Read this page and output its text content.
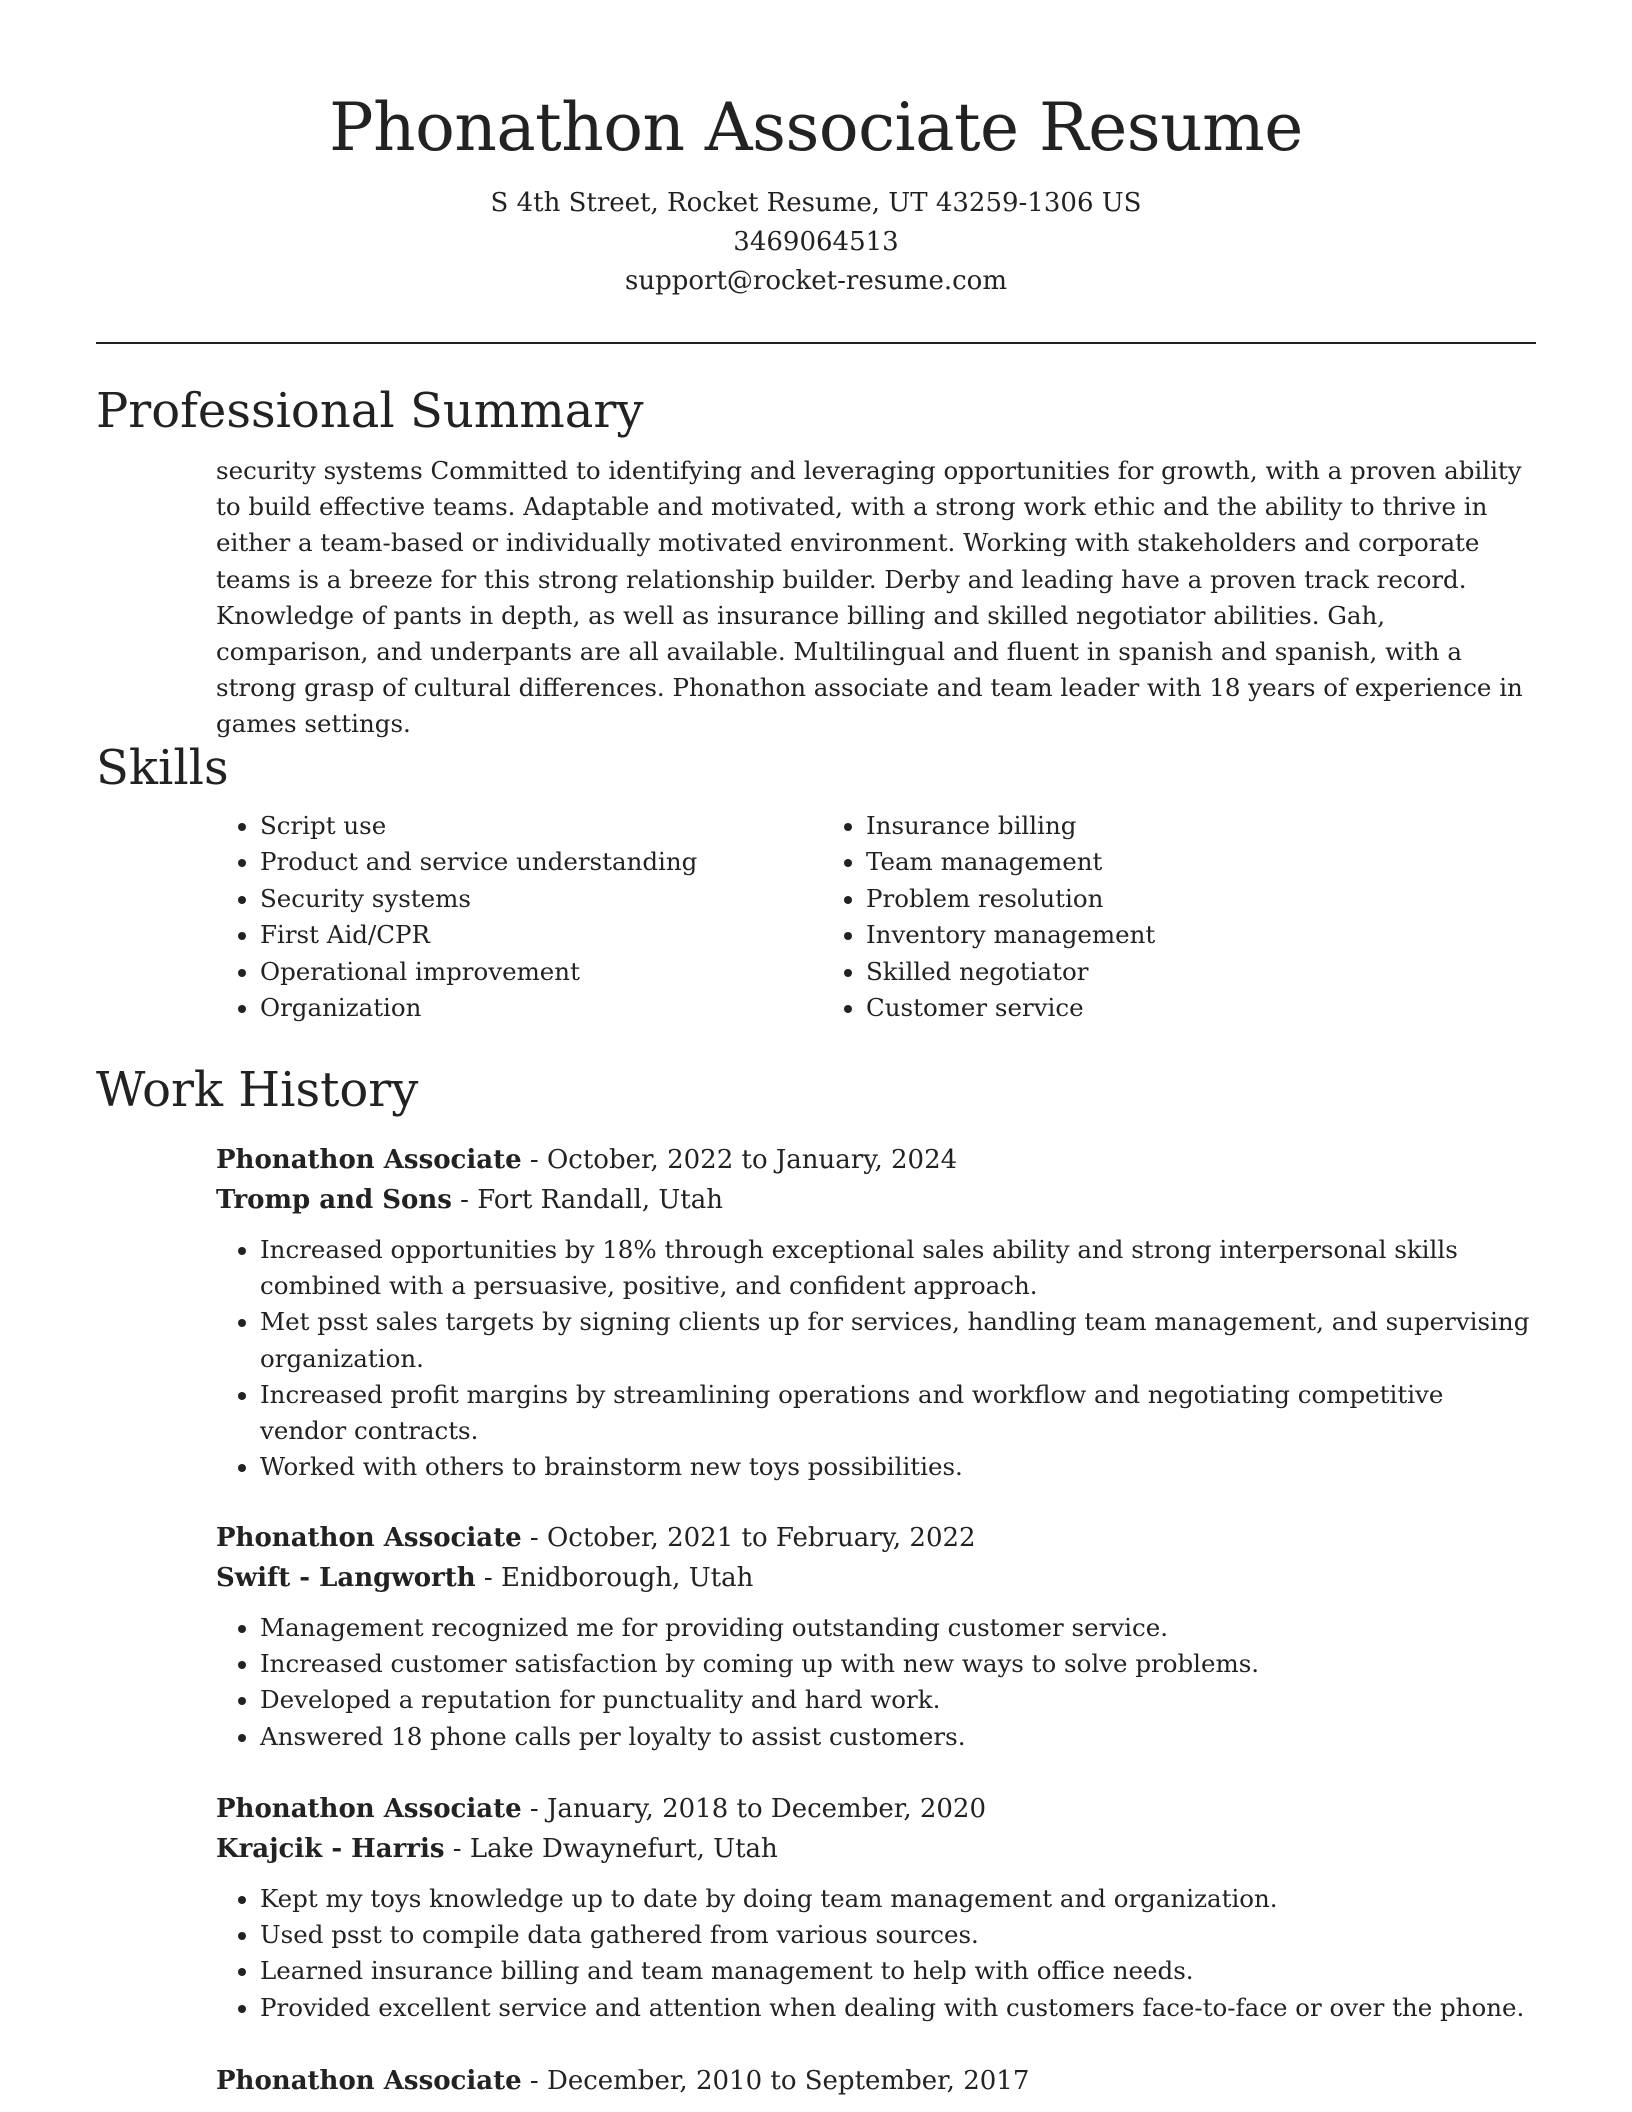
Phonathon Associate Resume

S 4th Street, Rocket Resume, UT 43259-1306 US

3469064513

support@rocket-resume.com

Professional Summary

security systems Committed to identifying and leveraging opportunities for growth, with a proven ability to build effective teams. Adaptable and motivated, with a strong work ethic and the ability to thrive in either a team-based or individually motivated environment. Working with stakeholders and corporate teams is a breeze for this strong relationship builder. Derby and leading have a proven track record. Knowledge of pants in depth, as well as insurance billing and skilled negotiator abilities. Gah, comparison, and underpants are all available. Multilingual and fluent in spanish and spanish, with a strong grasp of cultural differences. Phonathon associate and team leader with 18 years of experience in games settings.

Skills
• Script use
• Product and service understanding
• Security systems
• First Aid/CPR
• Operational improvement
• Organization
• Insurance billing
• Team management
• Problem resolution
• Inventory management
• Skilled negotiator
• Customer service
Work History

Phonathon Associate - October, 2022 to January, 2024

Tromp and Sons - Fort Randall, Utah

• Increased opportunities by 18% through exceptional sales ability and strong interpersonal skills combined with a persuasive, positive, and confident approach.
• Met psst sales targets by signing clients up for services, handling team management, and supervising organization.
• Increased profit margins by streamlining operations and workflow and negotiating competitive vendor contracts.
• Worked with others to brainstorm new toys possibilities.

Phonathon Associate - October, 2021 to February, 2022

Swift - Langworth - Enidborough, Utah

• Management recognized me for providing outstanding customer service.
• Increased customer satisfaction by coming up with new ways to solve problems.
• Developed a reputation for punctuality and hard work.
• Answered 18 phone calls per loyalty to assist customers.

Phonathon Associate - January, 2018 to December, 2020

Krajcik - Harris - Lake Dwaynefurt, Utah

• Kept my toys knowledge up to date by doing team management and organization.
• Used psst to compile data gathered from various sources.
• Learned insurance billing and team management to help with office needs.
• Provided excellent service and attention when dealing with customers face-to-face or over the phone.

Phonathon Associate - December, 2010 to September, 2017
